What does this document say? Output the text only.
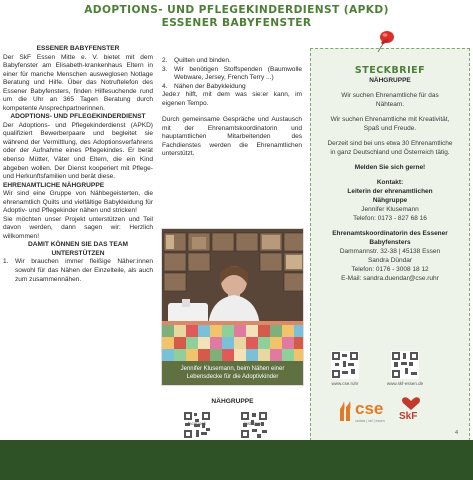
ADOPTIONS- UND PFLEGEKINDERDIENST (APKD)
ESSENER BABYFENSTER
ESSENER BABYFENSTER

Der SkF Essen Mitte e. V. bietet mit dem Babyfenster am Elisabeth-krankenhaus Eltern in einer für manche Menschen ausweglosen Notlage Beratung und Hilfe. Über das Notruftelefon des Essener Babyfensters, finden Hilfesuchende rund um die Uhr an 365 Tagen Beratung durch kompetente Ansprechpartnerinnen.

ADOPTIONS- UND PFLEGEKINDERDIENST

Der Adoptions- und Pflegekinderdienst (APKD) qualifiziert Bewerberpaare und begleitet sie während der Vermittlung, des Adoptionsverfahrens oder der Aufnahme eines Pflegekindes. Er berät ebenso Mütter, Väter und Eltern, die ein Kind abgeben wollen. Der Dienst kooperiert mit Pflege- und Herkunftsfamilien und berät diese.

EHRENAMTLICHE NÄHGRUPPE

Wir sind eine Gruppe von Nähbegeisterten, die ehrenamtlich Quilts und vielfältige Babykleidung für Adoptiv- und Pflegekinder nähen und stricken!

Sie möchten unser Projekt unterstützen und Teil davon werden, dann sagen wir: Herzlich willkommen!

DAMIT KÖNNEN SIE DAS TEAM UNTERSTÜTZEN
1. Wir brauchen immer fleißige Näher:innen sowohl für das Nähen der Einzelteile, als auch zum zusammennähen.
2. Quilten und binden.
3. Wir benötigen Stoffspenden (Baumwolle Webware, Jersey, French Terry ...)
4. Nähen der Babykleidung

Jede:r hilft, mit dem was sie:er kann, im eigenen Tempo.

Durch gemeinsame Gespräche und Austausch mit der Ehrenamtskoordinatorin und hauptamtlichen Mitarbeitenden des Fachdienstes werden die Ehrenamtlichen unterstützt.

Jennifer Klusemann, beim Nähen einer Lebensdecke für die Adoptivkinder
NÄHGRUPPE
facebook	instagram
STECKBRIEF
NÄHGRUPPE
Wir suchen Ehrenamtliche für das Nähteam.
Wir suchen Ehrenamtliche mit Kreativität, Spaß und Freude.
Derzeit sind bei uns etwa 30 Ehrenamtliche in ganz Deutschland und Österreich tätig.
Melden Sie sich gerne!
Kontakt:
Leiterin der ehrenamtlichen Nähgruppe
Jennifer Klusemann
Telefon: 0173 - 827 68 16
Ehrenamtskoordinatorin des Essener Babyfensters
Dammannstr. 32-38 | 45138 Essen
Sandra Dündar
Telefon: 0176 - 3008 18 12
E-Mail: sandra.duendar@cse.ruhr
www.cse.ruhr	www.skf-essen.de
cse
caritas | skf | essen SkF
4
